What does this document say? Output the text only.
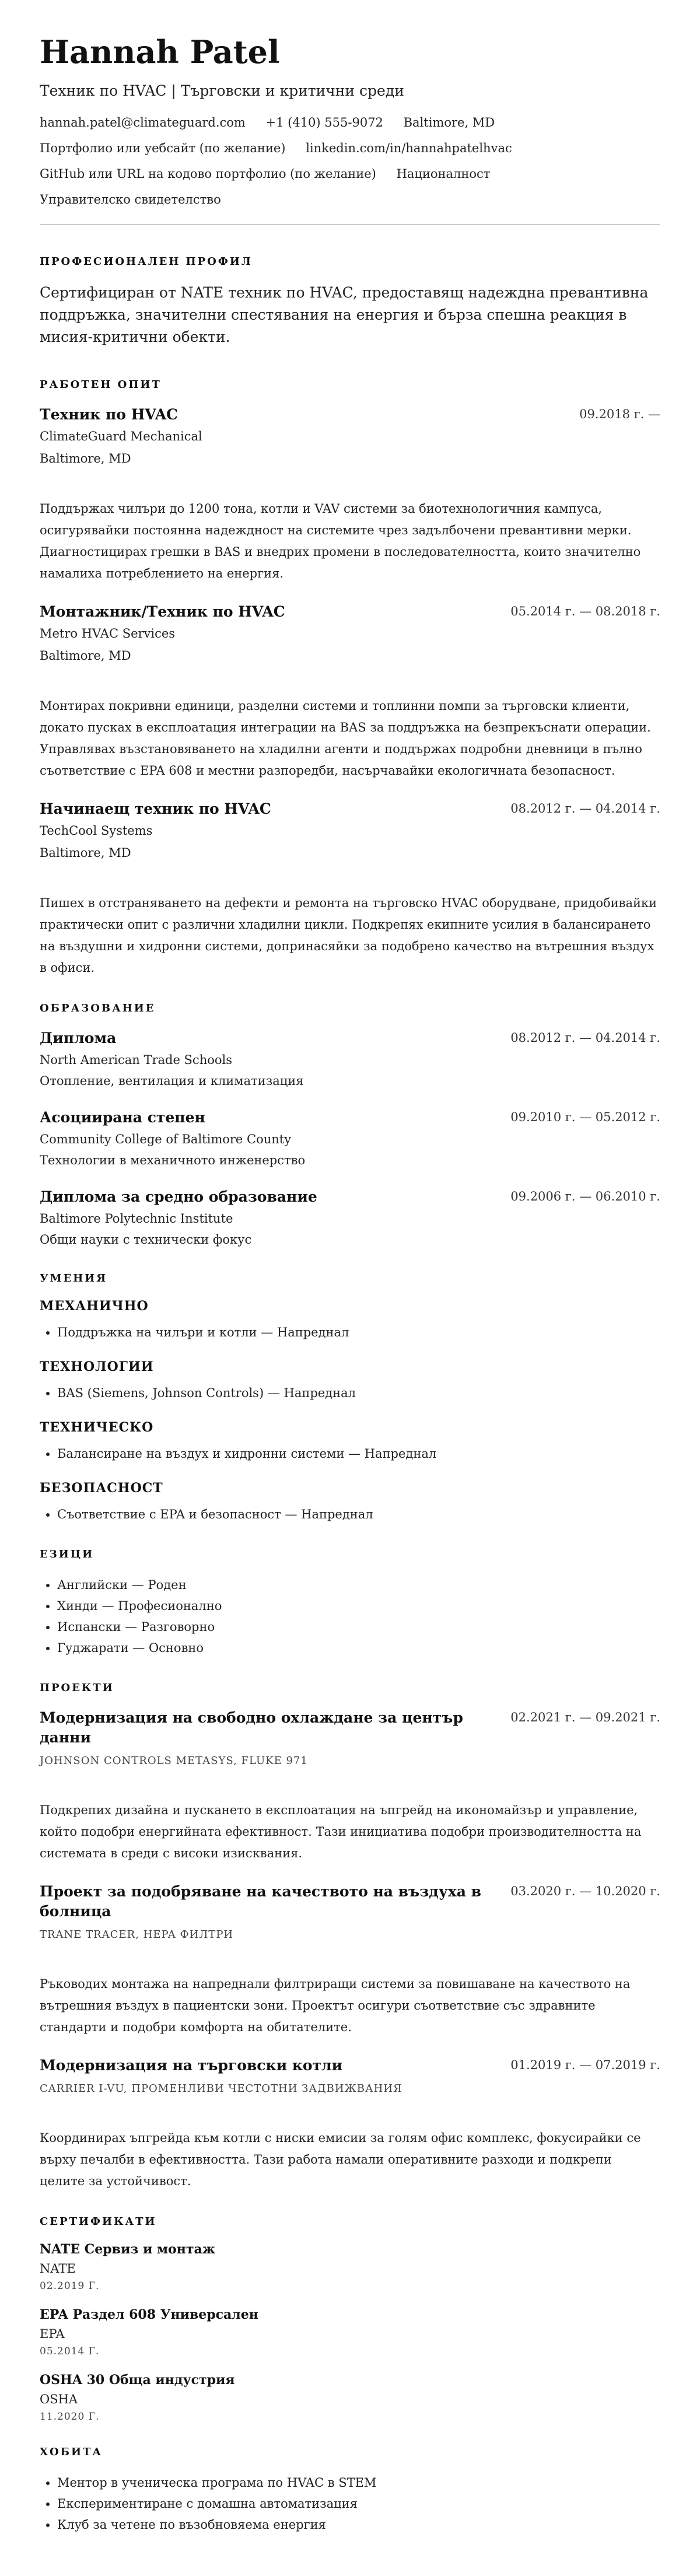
Hannah Patel
Техник по HVAC | Търговски и критични среди
hannah.patel@climateguard.com +1 (410) 555-9072 Baltimore, MD
Портфолио или уебсайт (по желание) linkedin.com/in/hannahpatelhvac
GitHub или URL на кодово портфолио (по желание) Националност
Управителско свидетелство
ПРОФЕСИОНАЛЕН ПРОФИЛ
Сертифициран от NATE техник по HVAC, предоставящ надеждна превантивна поддръжка, значителни спестявания на енергия и бърза спешна реакция в мисия-критични обекти.
РАБОТЕН ОПИТ
Техник по HVAC	09.2018 г. —
ClimateGuard Mechanical
Baltimore, MD
Поддържах чилъри до 1200 тона, котли и VAV системи за биотехнологичния кампуса, осигурявайки постоянна надеждност на системите чрез задълбочени превантивни мерки. Диагностицирах грешки в BAS и внедрих промени в последователността, които значително намалиха потреблението на енергия.
Монтажник/Техник по HVAC	05.2014 г. — 08.2018 г.
Metro HVAC Services
Baltimore, MD
Монтирах покривни единици, разделни системи и топлинни помпи за търговски клиенти, докато пусках в експлоатация интеграции на BAS за поддръжка на безпрекъснати операции. Управлявах възстановяването на хладилни агенти и поддържах подробни дневници в пълно съответствие с EPA 608 и местни разпоредби, насърчавайки екологичната безопасност.
Начинаещ техник по HVAC	08.2012 г. — 04.2014 г.
TechCool Systems
Baltimore, MD
Пишех в отстраняването на дефекти и ремонта на търговско HVAC оборудване, придобивайки практически опит с различни хладилни цикли. Подкрепях екипните усилия в балансирането на въздушни и хидронни системи, допринасяйки за подобрено качество на вътрешния въздух в офиси.
ОБРАЗОВАНИЕ
Диплома	08.2012 г. — 04.2014 г.
North American Trade Schools
Отопление, вентилация и климатизация
Асоциирана степен	09.2010 г. — 05.2012 г.
Community College of Baltimore County
Технологии в механичното инженерство
Диплома за средно образование	09.2006 г. — 06.2010 г.
Baltimore Polytechnic Institute
Общи науки с технически фокус
УМЕНИЯ
МЕХАНИЧНО
• Поддръжка на чилъри и котли — Напреднал
ТЕХНОЛОГИИ
• BAS (Siemens, Johnson Controls) — Напреднал
ТЕХНИЧЕСКО
• Балансиране на въздух и хидронни системи — Напреднал
БЕЗОПАСНОСТ
• Съответствие с EPA и безопасност — Напреднал
ЕЗИЦИ
• Английски — Роден
• Хинди — Професионално
• Испански — Разговорно
• Гуджарати — Основно
ПРОЕКТИ
Модернизация на свободно охлаждане за център данни
02.2021 г. — 09.2021 г.
JOHNSON CONTROLS METASYS, FLUKE 971
Подкрепих дизайна и пускането в експлоатация на ъпгрейд на икономайзър и управление, който подобри енергийната ефективност. Тази инициатива подобри производителността на системата в среди с високи изисквания.
Проект за подобряване на качеството на въздуха в болница
03.2020 г. — 10.2020 г.
TRANE TRACER, HEPA ФИЛТРИ
Ръководих монтажа на напреднали филтриращи системи за повишаване на качеството на вътрешния въздух в пациентски зони. Проектът осигури съответствие със здравните стандарти и подобри комфорта на обитателите.
Модернизация на търговски котли	01.2019 г. — 07.2019 г.
CARRIER I-VU, ПРОМЕНЛИВИ ЧЕСТОТНИ ЗАДВИЖВАНИЯ
Координирах ъпгрейда към котли с ниски емисии за голям офис комплекс, фокусирайки се върху печалби в ефективността. Тази работа намали оперативните разходи и подкрепи целите за устойчивост.
СЕРТИФИКАТИ
NATE Сервиз и монтаж
NATE
02.2019 Г.
EPA Раздел 608 Универсален
EPA
05.2014 Г.
OSHA 30 Обща индустрия
OSHA
11.2020 Г.
ХОБИТА
• Ментор в ученическа програма по HVAC в STEM
• Експериментиране с домашна автоматизация
• Клуб за четене по възобновяема енергия
